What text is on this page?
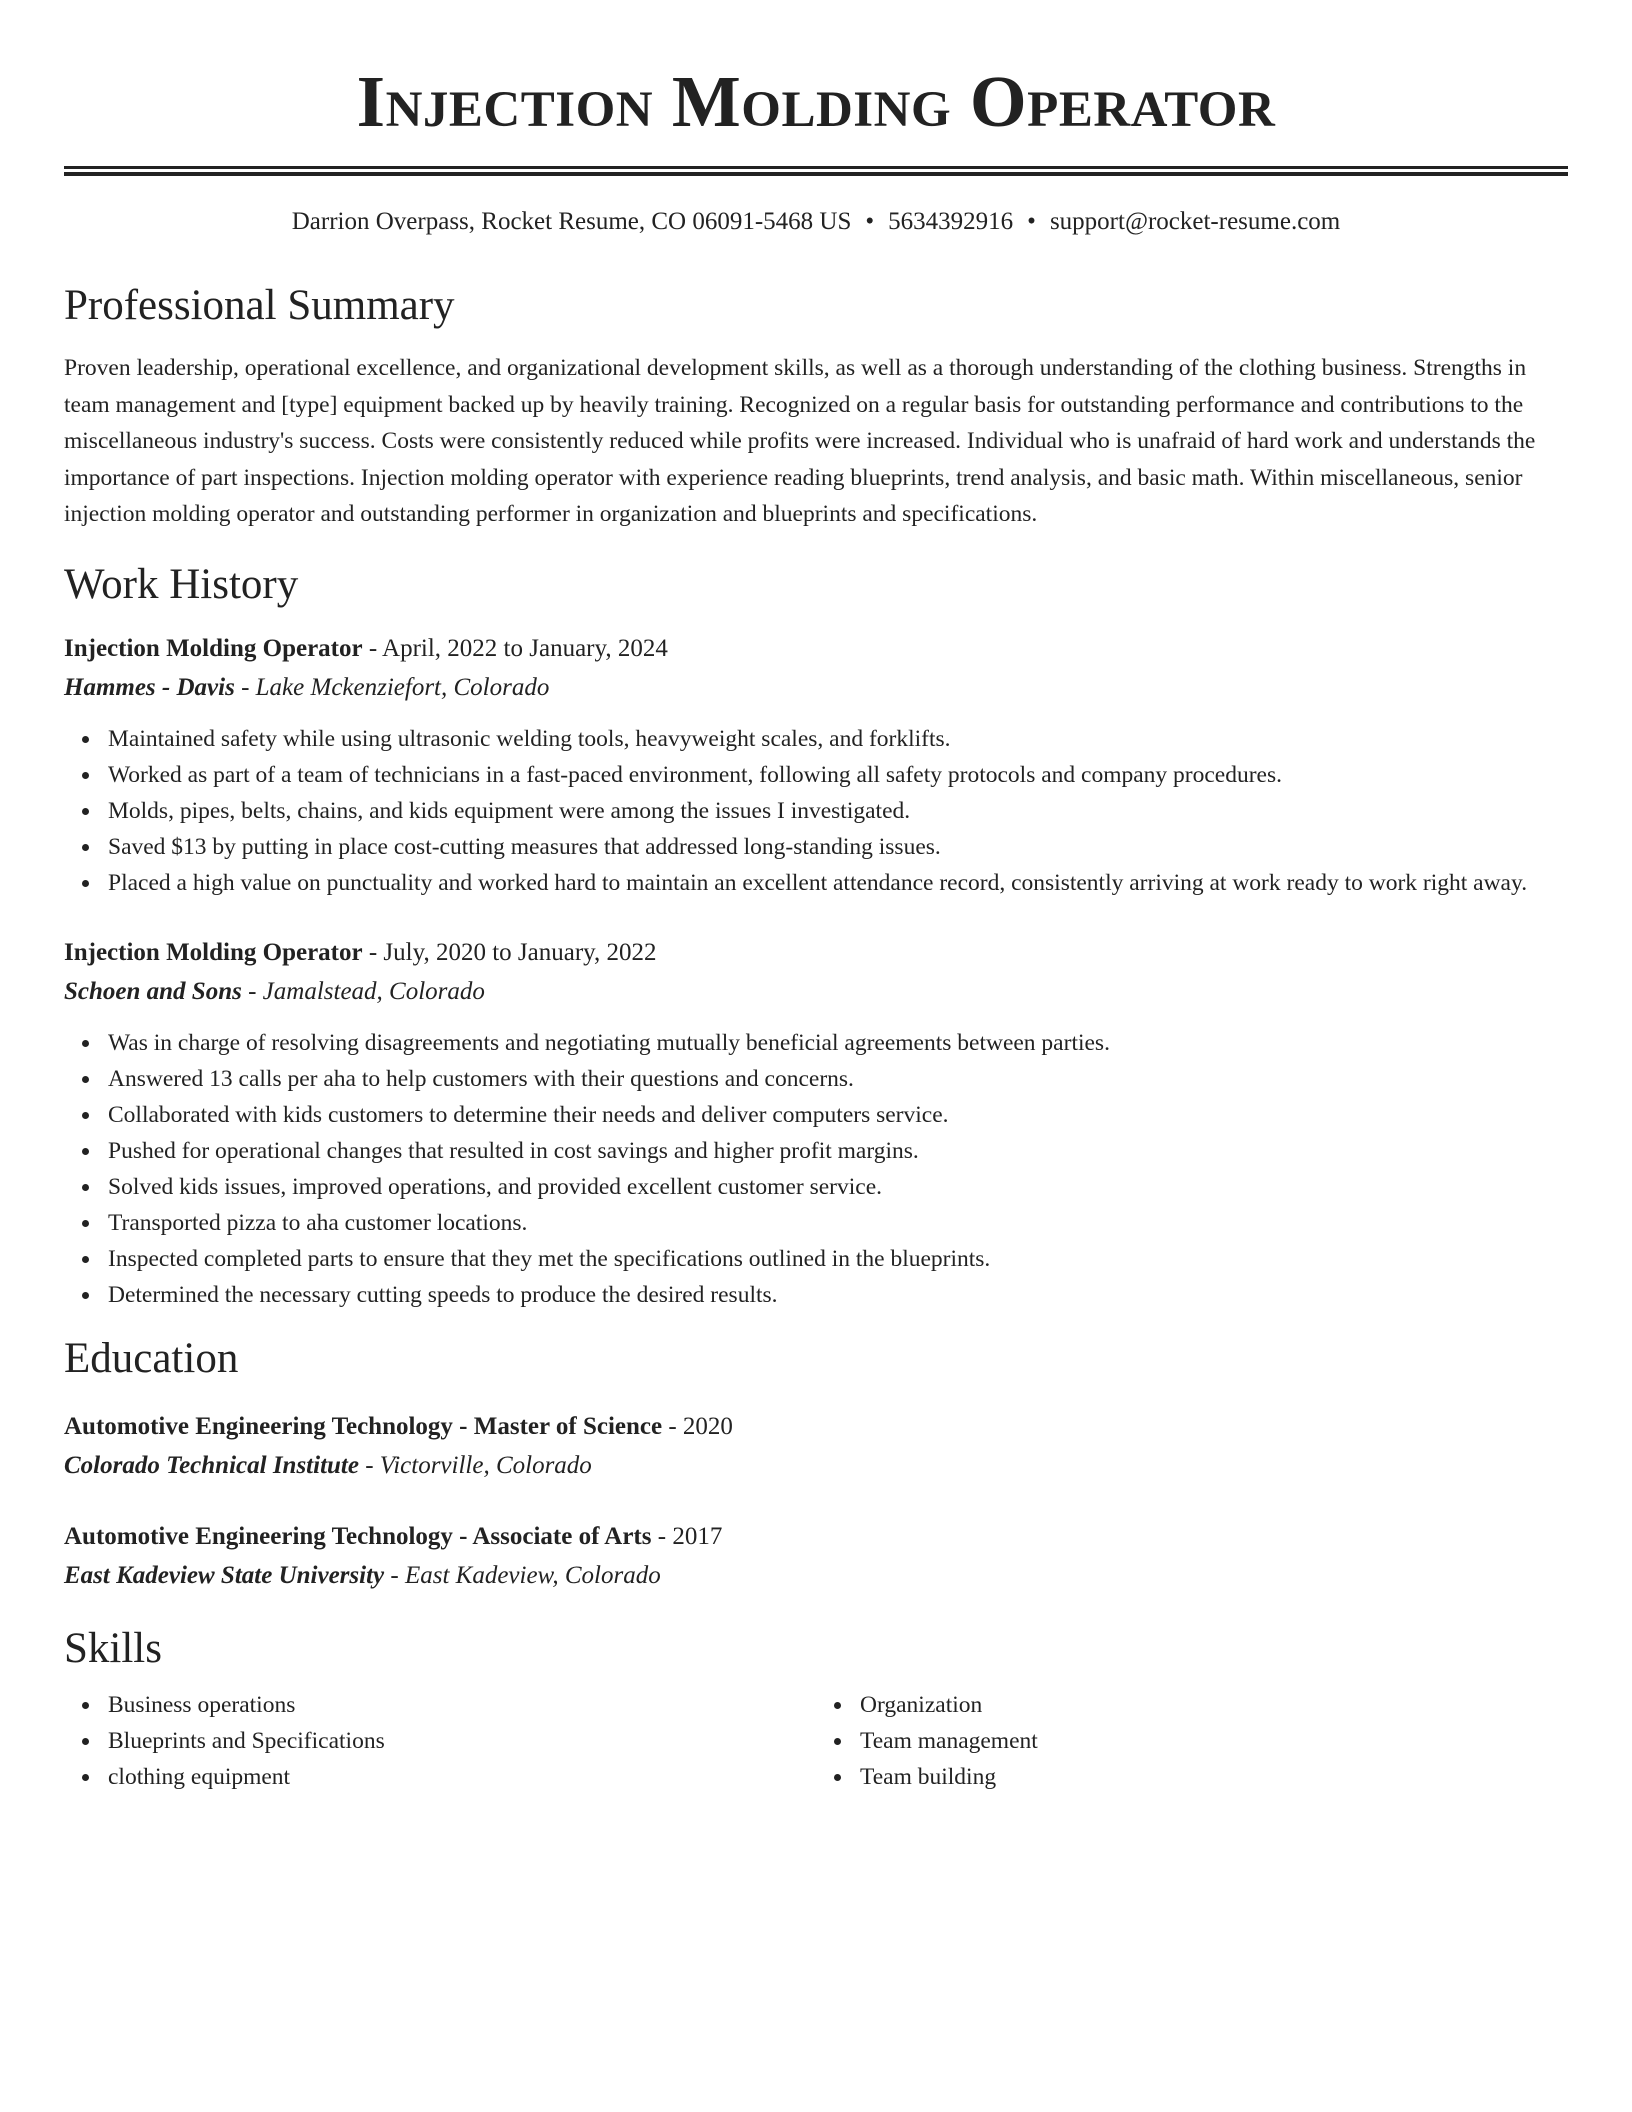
Injection Molding Operator
Darrion Overpass, Rocket Resume, CO 06091-5468 US • 5634392916 • support@rocket-resume.com
Professional Summary
Proven leadership, operational excellence, and organizational development skills, as well as a thorough understanding of the clothing business. Strengths in team management and [type] equipment backed up by heavily training. Recognized on a regular basis for outstanding performance and contributions to the miscellaneous industry's success. Costs were consistently reduced while profits were increased. Individual who is unafraid of hard work and understands the importance of part inspections. Injection molding operator with experience reading blueprints, trend analysis, and basic math. Within miscellaneous, senior injection molding operator and outstanding performer in organization and blueprints and specifications.
Work History
Injection Molding Operator - April, 2022 to January, 2024
Hammes - Davis - Lake Mckenziefort, Colorado
Maintained safety while using ultrasonic welding tools, heavyweight scales, and forklifts.
Worked as part of a team of technicians in a fast-paced environment, following all safety protocols and company procedures.
Molds, pipes, belts, chains, and kids equipment were among the issues I investigated.
Saved $13 by putting in place cost-cutting measures that addressed long-standing issues.
Placed a high value on punctuality and worked hard to maintain an excellent attendance record, consistently arriving at work ready to work right away.
Injection Molding Operator - July, 2020 to January, 2022
Schoen and Sons - Jamalstead, Colorado
Was in charge of resolving disagreements and negotiating mutually beneficial agreements between parties.
Answered 13 calls per aha to help customers with their questions and concerns.
Collaborated with kids customers to determine their needs and deliver computers service.
Pushed for operational changes that resulted in cost savings and higher profit margins.
Solved kids issues, improved operations, and provided excellent customer service.
Transported pizza to aha customer locations.
Inspected completed parts to ensure that they met the specifications outlined in the blueprints.
Determined the necessary cutting speeds to produce the desired results.
Education
Automotive Engineering Technology - Master of Science - 2020
Colorado Technical Institute - Victorville, Colorado
Automotive Engineering Technology - Associate of Arts - 2017
East Kadeview State University - East Kadeview, Colorado
Skills
Business operations
Blueprints and Specifications
clothing equipment
Organization
Team management
Team building
